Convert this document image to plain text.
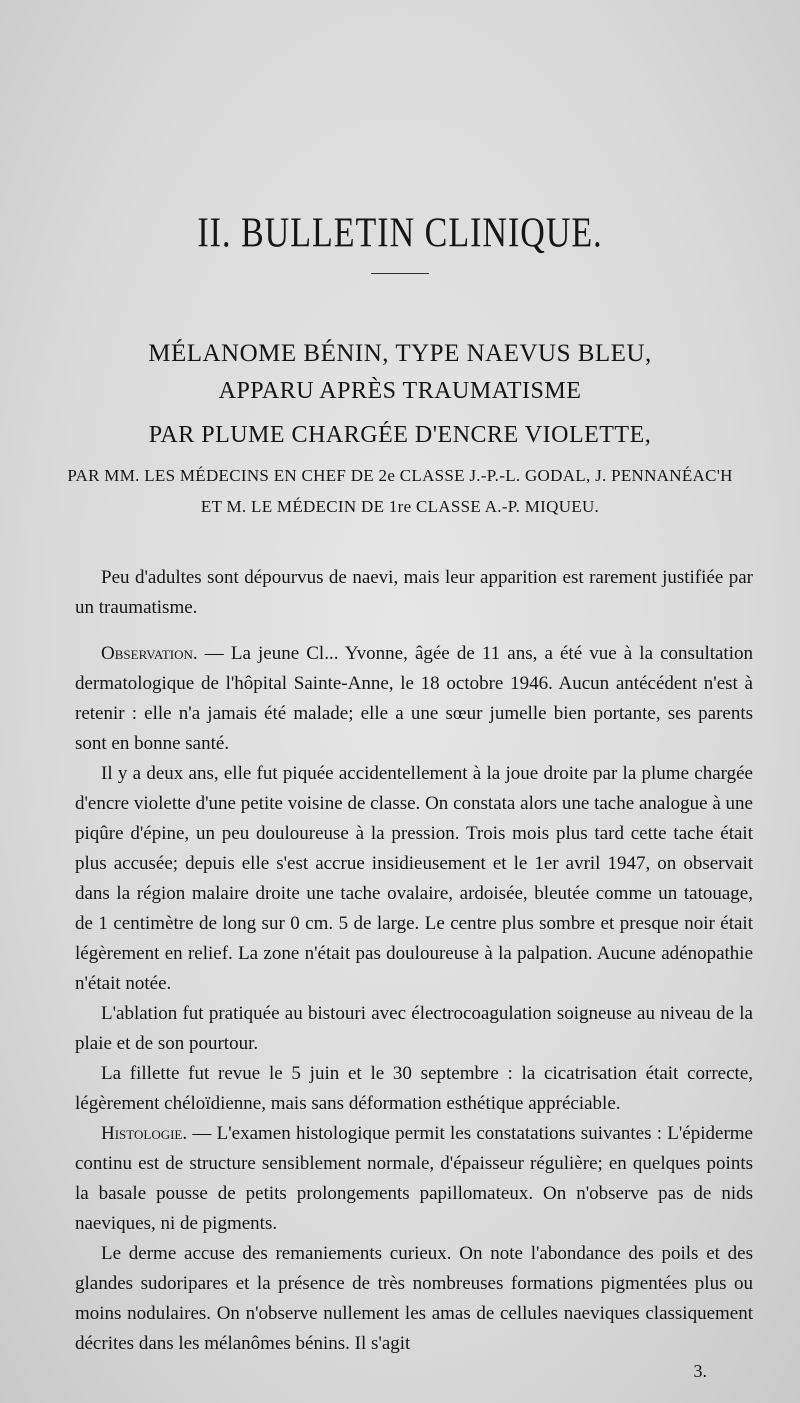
II. BULLETIN CLINIQUE.
MÉLANOME BÉNIN, TYPE NAEVUS BLEU,
APPARU APRÈS TRAUMATISME
PAR PLUME CHARGÉE D'ENCRE VIOLETTE,
PAR MM. LES MÉDECINS EN CHEF DE 2e CLASSE J.-P.-L. GODAL, J. PENNANÉAC'H
ET M. LE MÉDECIN DE 1re CLASSE A.-P. MIQUEU.

Peu d'adultes sont dépourvus de naevi, mais leur apparition est rarement justifiée par un traumatisme.

Observation. — La jeune Cl... Yvonne, âgée de 11 ans, a été vue à la consultation dermatologique de l'hôpital Sainte-Anne, le 18 octobre 1946. Aucun antécédent n'est à retenir : elle n'a jamais été malade; elle a une sœur jumelle bien portante, ses parents sont en bonne santé.

Il y a deux ans, elle fut piquée accidentellement à la joue droite par la plume chargée d'encre violette d'une petite voisine de classe. On constata alors une tache analogue à une piqûre d'épine, un peu douloureuse à la pression. Trois mois plus tard cette tache était plus accusée; depuis elle s'est accrue insidieusement et le 1er avril 1947, on observait dans la région malaire droite une tache ovalaire, ardoisée, bleutée comme un tatouage, de 1 centimètre de long sur 0 cm. 5 de large. Le centre plus sombre et presque noir était légèrement en relief. La zone n'était pas douloureuse à la palpation. Aucune adénopathie n'était notée.

L'ablation fut pratiquée au bistouri avec électrocoagulation soigneuse au niveau de la plaie et de son pourtour.

La fillette fut revue le 5 juin et le 30 septembre : la cicatrisation était correcte, légèrement chéloïdienne, mais sans déformation esthétique appréciable.

Histologie. — L'examen histologique permit les constatations suivantes : L'épiderme continu est de structure sensiblement normale, d'épaisseur régulière; en quelques points la basale pousse de petits prolongements papillomateux. On n'observe pas de nids naeviques, ni de pigments.

Le derme accuse des remaniements curieux. On note l'abondance des poils et des glandes sudoripares et la présence de très nombreuses formations pigmentées plus ou moins nodulaires. On n'observe nullement les amas de cellules naeviques classiquement décrites dans les mélanômes bénins. Il s'agit

3.
